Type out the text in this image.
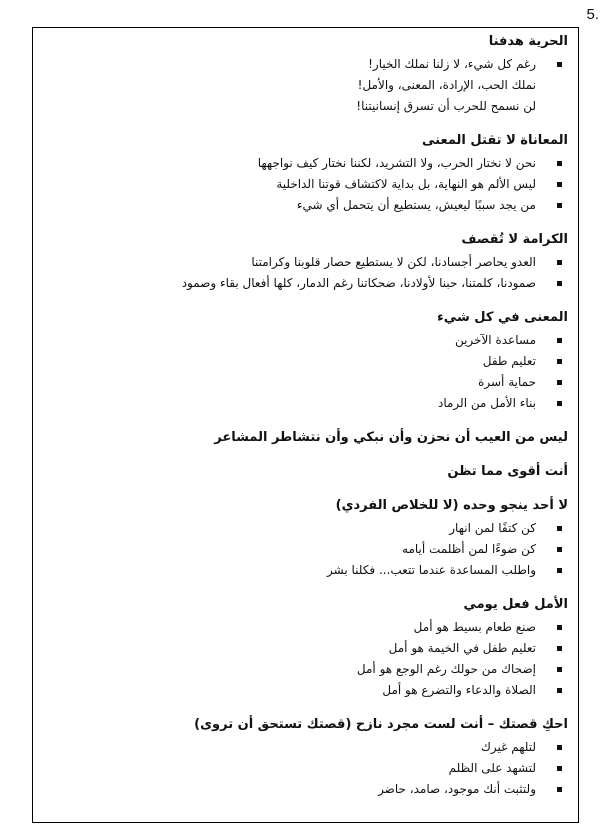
5.
الحرية هدفنا
رغم كل شيء، لا زلنا نملك الخيار!
نملك الحب، الإرادة، المعنى، والأمل!
لن نسمح للحرب أن تسرق إنسانيتنا!
المعاناة لا تقتل المعنى
نحن لا نختار الحرب، ولا التشريد، لكننا نختار كيف نواجهها
ليس الألم هو النهاية، بل بداية لاكتشاف قوتنا الداخلية
من يجد سببًا ليعيش، يستطيع أن يتحمل أي شيء
الكرامة لا تُقصف
العدو يحاصر أجسادنا، لكن لا يستطيع حصار قلوبنا وكرامتنا
صمودنا، كلمتنا، حبنا لأولادنا، ضحكاتنا رغم الدمار، كلها أفعال بقاء وصمود
المعنى في كل شيء
مساعدة الآخرين
تعليم طفل
حماية أسرة
بناء الأمل من الرماد
ليس من العيب أن نحزن وأن نبكي وأن نتشاطر المشاعر
أنت أقوى مما تظن
لا أحد ينجو وحده (لا للخلاص الفردي)
كن كتفًا لمن انهار
كن ضوءًا لمن أظلمت أيامه
واطلب المساعدة عندما تتعب... فكلنا بشر
الأمل فعل يومي
صنع طعام بسيط هو أمل
تعليم طفل في الخيمة هو أمل
إضحاك من حولك رغم الوجع هو أمل
الصلاة والدعاء والتضرع هو أمل
احكِ قصتك – أنت لست مجرد نازح (قصتك تستحق أن تروى)
لتلهم غيرك
لتشهد على الظلم
ولتثبت أنك موجود، صامد، حاضر
